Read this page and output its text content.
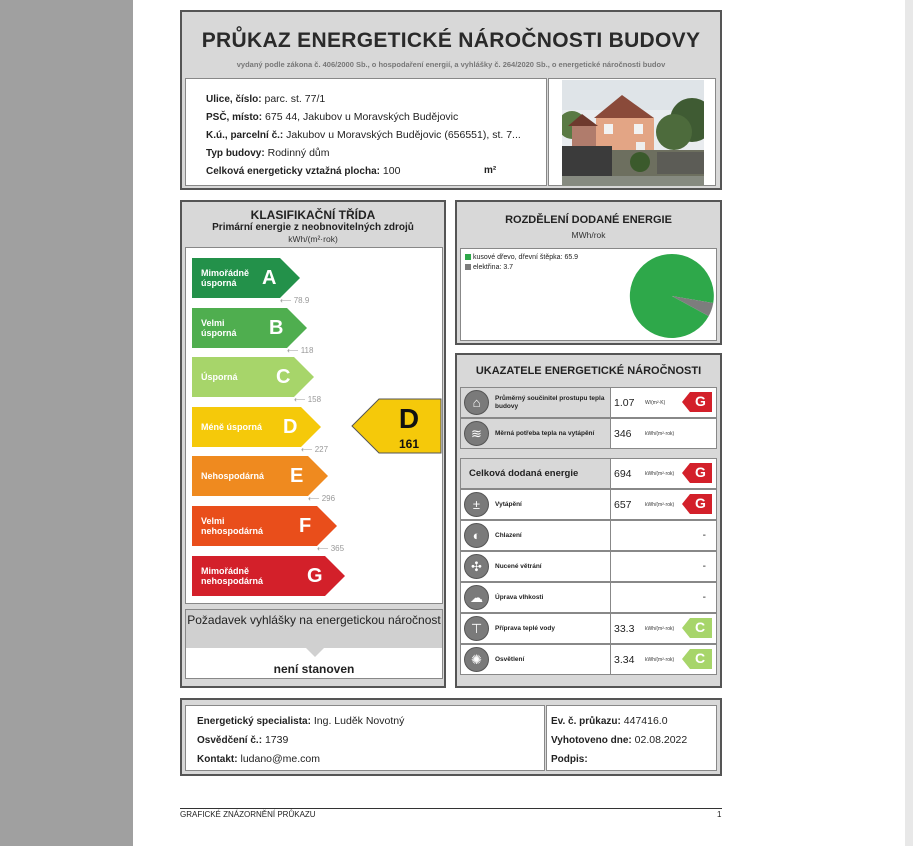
PRŮKAZ ENERGETICKÉ NÁROČNOSTI BUDOVY
vydaný podle zákona č. 406/2000 Sb., o hospodaření energií, a vyhlášky č. 264/2020 Sb., o energetické náročnosti budov
Ulice, číslo: parc. st. 77/1
PSČ, místo: 675 44, Jakubov u Moravských Budějovic
K.ú., parcelní č.: Jakubov u Moravských Budějovic (656551), st. 7...
Typ budovy: Rodinný dům
Celková energeticky vztažná plocha: 100	m²
KLASIFIKAČNÍ TŘÍDA
Primární energie z neobnovitelných zdrojů
kWh/(m²·rok)
Mimořádně
úsporná	A
⟵ 78.9
Velmi
úsporná B
⟵ 118
Úsporná C
⟵ 158
Méně úsporná D
⟵ 227
Nehospodárná E
⟵ 296
Velmi
nehospodárná F
⟵ 365
Mimořádně
nehospodárná G
D
161
Požadavek vyhlášky na energetickou náročnost
není stanoven
ROZDĚLENÍ DODANÉ ENERGIE
MWh/rok
kusové dřevo, dřevní štěpka: 65.9
elektřina: 3.7
UKAZATELE ENERGETICKÉ NÁROČNOSTI
⌂	Průměrný součinitel prostupu tepla budovy	1.07 W/(m²·K) G
≋	Měrná potřeba tepla na vytápění	346	kWh/(m²·rok)
Celková dodaná energie	694	kWh/(m²·rok) G
±	Vytápění	657	kWh/(m²·rok) G
◐	Chlazení	-
✣	Nucené větrání	-
☁	Úprava vlhkosti	-
⊤	Příprava teplé vody	33.3 kWh/(m²·rok) C
✺	Osvětlení	3.34 kWh/(m²·rok) C
Energetický specialista: Ing. Luděk Novotný
Osvědčení č.: 1739
Kontakt: ludano@me.com
Ev. č. průkazu: 447416.0
Vyhotoveno dne: 02.08.2022
Podpis:
GRAFICKÉ ZNÁZORNĚNÍ PRŮKAZU	1
